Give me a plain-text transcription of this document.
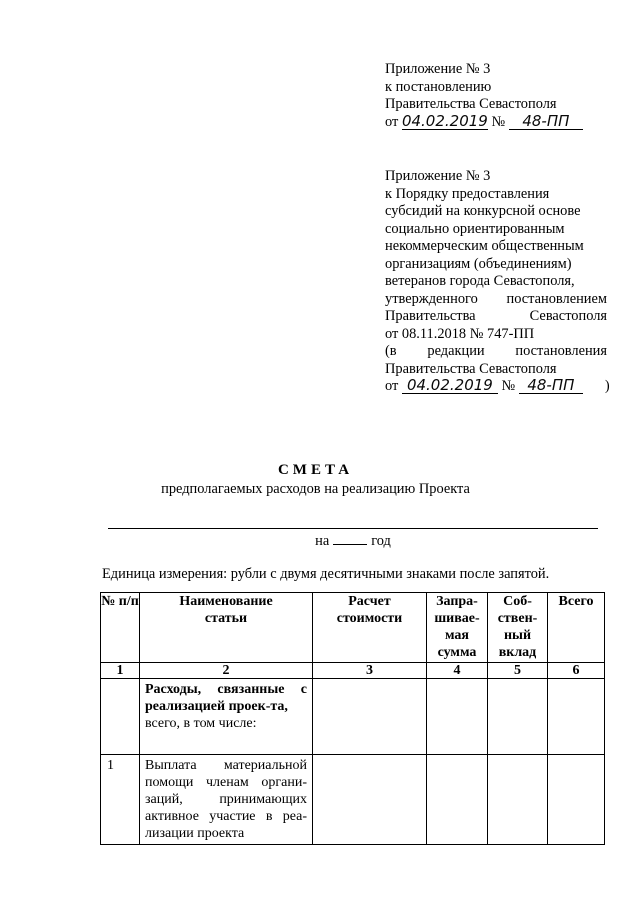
Приложение № 3
к постановлению
Правительства Севастополя
от 04.02.2019 № 48-ПП
Приложение № 3
к Порядку предоставления
субсидий на конкурсной основе
социально ориентированным
некоммерческим общественным
организациям (объединениям)
ветеранов города Севастополя,
утвержденного постановлением
Правительства Севастополя
от 08.11.2018 № 747-ПП
(в редакции постановления
Правительства Севастополя
от 04.02.2019 № 48-ПП )
СМЕТА
предполагаемых расходов на реализацию Проекта
на	год
Единица измерения: рубли с двумя десятичными знаками после запятой.
№ п/п	Наименование статьи	Расчет стоимости	Запра-шивае-мая сумма	Соб-ствен-ный вклад	Всего
1	2	3	4	5	6

	Расходы, связанные с реализацией проек-та,
всего, в том числе:				

1	Выплата материальной помощи членам органи-заций, принимающих активное участие в реа-лизации проекта				
